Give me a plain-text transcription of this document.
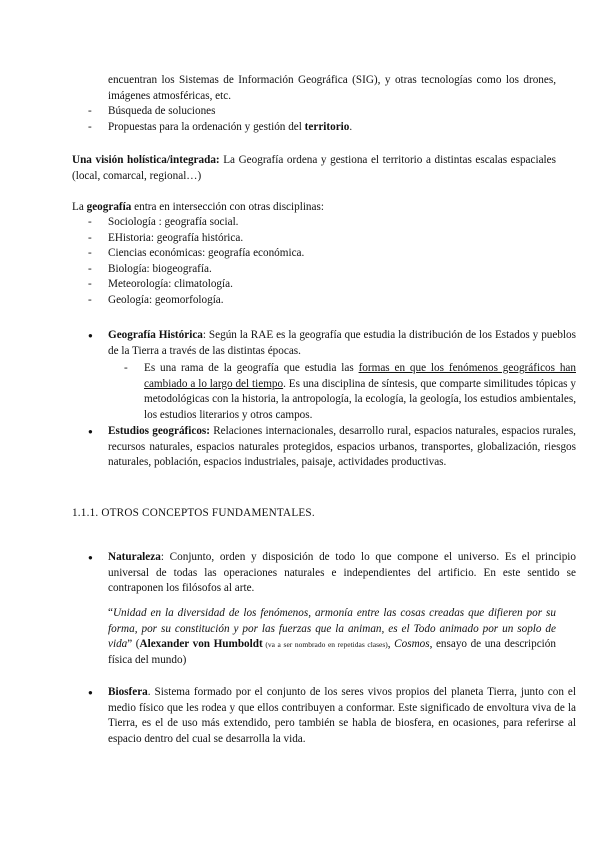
encuentran los Sistemas de Información Geográfica (SIG), y otras tecnologías como los drones, imágenes atmosféricas, etc.
- Búsqueda de soluciones
- Propuestas para la ordenación y gestión del territorio.
Una visión holística/integrada: La Geografía ordena y gestiona el territorio a distintas escalas espaciales (local, comarcal, regional…)
La geografía entra en intersección con otras disciplinas:
- Sociología : geografía social.
- EHistoria: geografía histórica.
- Ciencias económicas: geografía económica.
- Biología: biogeografía.
- Meteorología: climatología.
- Geología: geomorfología.
● Geografía Histórica: Según la RAE es la geografía que estudia la distribución de los Estados y pueblos de la Tierra a través de las distintas épocas.
- Es una rama de la geografía que estudia las formas en que los fenómenos geográficos han cambiado a lo largo del tiempo. Es una disciplina de síntesis, que comparte similitudes tópicas y metodológicas con la historia, la antropología, la ecología, la geología, los estudios ambientales, los estudios literarios y otros campos.
● Estudios geográficos: Relaciones internacionales, desarrollo rural, espacios naturales, espacios rurales, recursos naturales, espacios naturales protegidos, espacios urbanos, transportes, globalización, riesgos naturales, población, espacios industriales, paisaje, actividades productivas.
1.1.1. OTROS CONCEPTOS FUNDAMENTALES.
● Naturaleza: Conjunto, orden y disposición de todo lo que compone el universo. Es el principio universal de todas las operaciones naturales e independientes del artificio. En este sentido se contraponen los filósofos al arte.
“Unidad en la diversidad de los fenómenos, armonía entre las cosas creadas que difieren por su forma, por su constitución y por las fuerzas que la animan, es el Todo animado por un soplo de vida” (Alexander von Humboldt (va a ser nombrado en repetidas clases), Cosmos, ensayo de una descripción física del mundo)
● Biosfera. Sistema formado por el conjunto de los seres vivos propios del planeta Tierra, junto con el medio físico que les rodea y que ellos contribuyen a conformar. Este significado de envoltura viva de la Tierra, es el de uso más extendido, pero también se habla de biosfera, en ocasiones, para referirse al espacio dentro del cual se desarrolla la vida.
